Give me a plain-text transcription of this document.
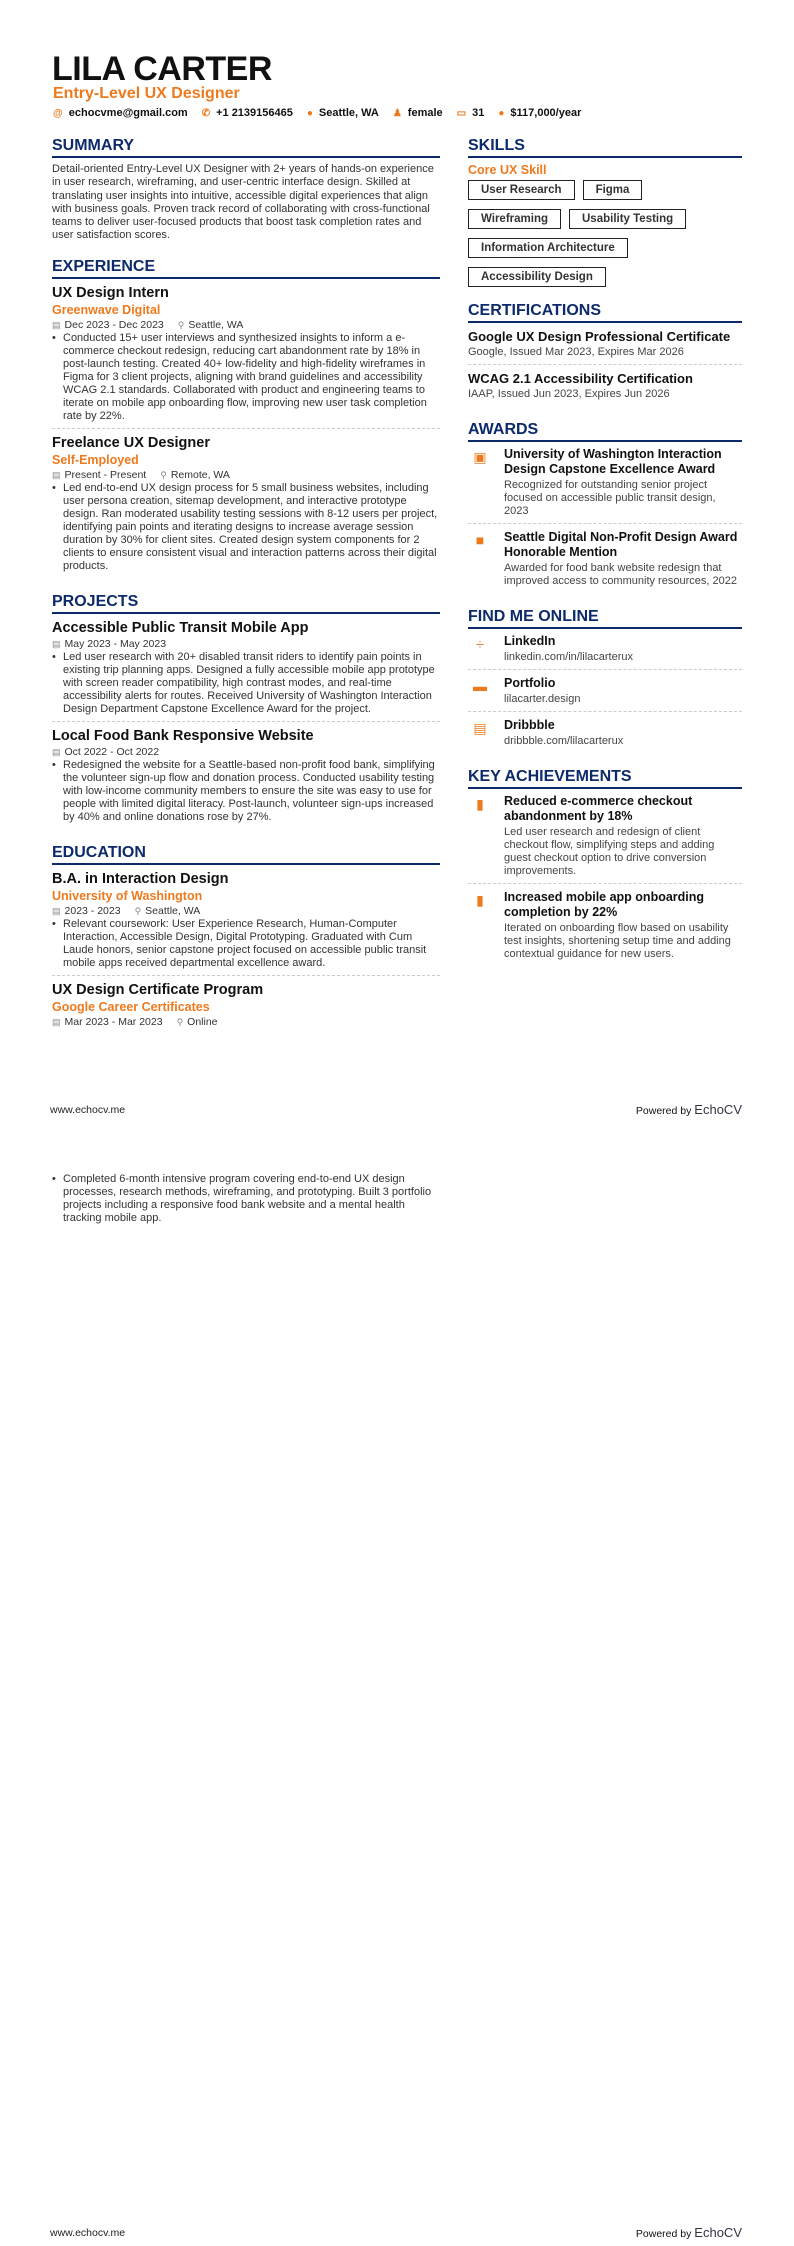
LILA CARTER
Entry-Level UX Designer
@ echocvme@gmail.com ✆ +1 2139156465 ● Seattle, WA ♟ female ▭ 31 ● $117,000/year
SUMMARY
Detail-oriented Entry-Level UX Designer with 2+ years of hands-on experience in user research, wireframing, and user-centric interface design. Skilled at translating user insights into intuitive, accessible digital experiences that align with business goals. Proven track record of collaborating with cross-functional teams to deliver user-focused products that boost task completion rates and user satisfaction scores.
EXPERIENCE
UX Design Intern
Greenwave Digital
▤ Dec 2023 - Dec 2023 ⚲ Seattle, WA
• Conducted 15+ user interviews and synthesized insights to inform a e-commerce checkout redesign, reducing cart abandonment rate by 18% in post-launch testing. Created 40+ low-fidelity and high-fidelity wireframes in Figma for 3 client projects, aligning with brand guidelines and accessibility WCAG 2.1 standards. Collaborated with product and engineering teams to iterate on mobile app onboarding flow, improving new user task completion rate by 22%.
Freelance UX Designer
Self-Employed
▤ Present - Present ⚲ Remote, WA
• Led end-to-end UX design process for 5 small business websites, including user persona creation, sitemap development, and interactive prototype design. Ran moderated usability testing sessions with 8-12 users per project, identifying pain points and iterating designs to increase average session duration by 30% for client sites. Created design system components for 2 clients to ensure consistent visual and interaction patterns across their digital products.
PROJECTS
Accessible Public Transit Mobile App
▤ May 2023 - May 2023
• Led user research with 20+ disabled transit riders to identify pain points in existing trip planning apps. Designed a fully accessible mobile app prototype with screen reader compatibility, high contrast modes, and real-time accessibility alerts for routes. Received University of Washington Interaction Design Department Capstone Excellence Award for the project.
Local Food Bank Responsive Website
▤ Oct 2022 - Oct 2022
• Redesigned the website for a Seattle-based non-profit food bank, simplifying the volunteer sign-up flow and donation process. Conducted usability testing with low-income community members to ensure the site was easy to use for people with limited digital literacy. Post-launch, volunteer sign-ups increased by 40% and online donations rose by 27%.
EDUCATION
B.A. in Interaction Design
University of Washington
▤ 2023 - 2023 ⚲ Seattle, WA
• Relevant coursework: User Experience Research, Human-Computer Interaction, Accessible Design, Digital Prototyping. Graduated with Cum Laude honors, senior capstone project focused on accessible public transit mobile apps received departmental excellence award.
UX Design Certificate Program
Google Career Certificates
▤ Mar 2023 - Mar 2023 ⚲ Online
SKILLS
Core UX Skill
User Research	Figma
Wireframing	Usability Testing
Information Architecture
Accessibility Design
CERTIFICATIONS
Google UX Design Professional Certificate
Google, Issued Mar 2023, Expires Mar 2026
WCAG 2.1 Accessibility Certification
IAAP, Issued Jun 2023, Expires Jun 2026
AWARDS
▣	University of Washington Interaction Design Capstone Excellence Award
Recognized for outstanding senior project focused on accessible public transit design, 2023
■	Seattle Digital Non-Profit Design Award Honorable Mention
Awarded for food bank website redesign that improved access to community resources, 2022
FIND ME ONLINE
÷	LinkedIn
linkedin.com/in/lilacarterux
▬	Portfolio
lilacarter.design
▤	Dribbble
dribbble.com/lilacarterux
KEY ACHIEVEMENTS
▮	Reduced e-commerce checkout abandonment by 18%
Led user research and redesign of client checkout flow, simplifying steps and adding guest checkout option to drive conversion improvements.
▮	Increased mobile app onboarding completion by 22%
Iterated on onboarding flow based on usability test insights, shortening setup time and adding contextual guidance for new users.
www.echocv.me	Powered by EchoCV
• Completed 6-month intensive program covering end-to-end UX design processes, research methods, wireframing, and prototyping. Built 3 portfolio projects including a responsive food bank website and a mental health tracking mobile app.
www.echocv.me	Powered by EchoCV
